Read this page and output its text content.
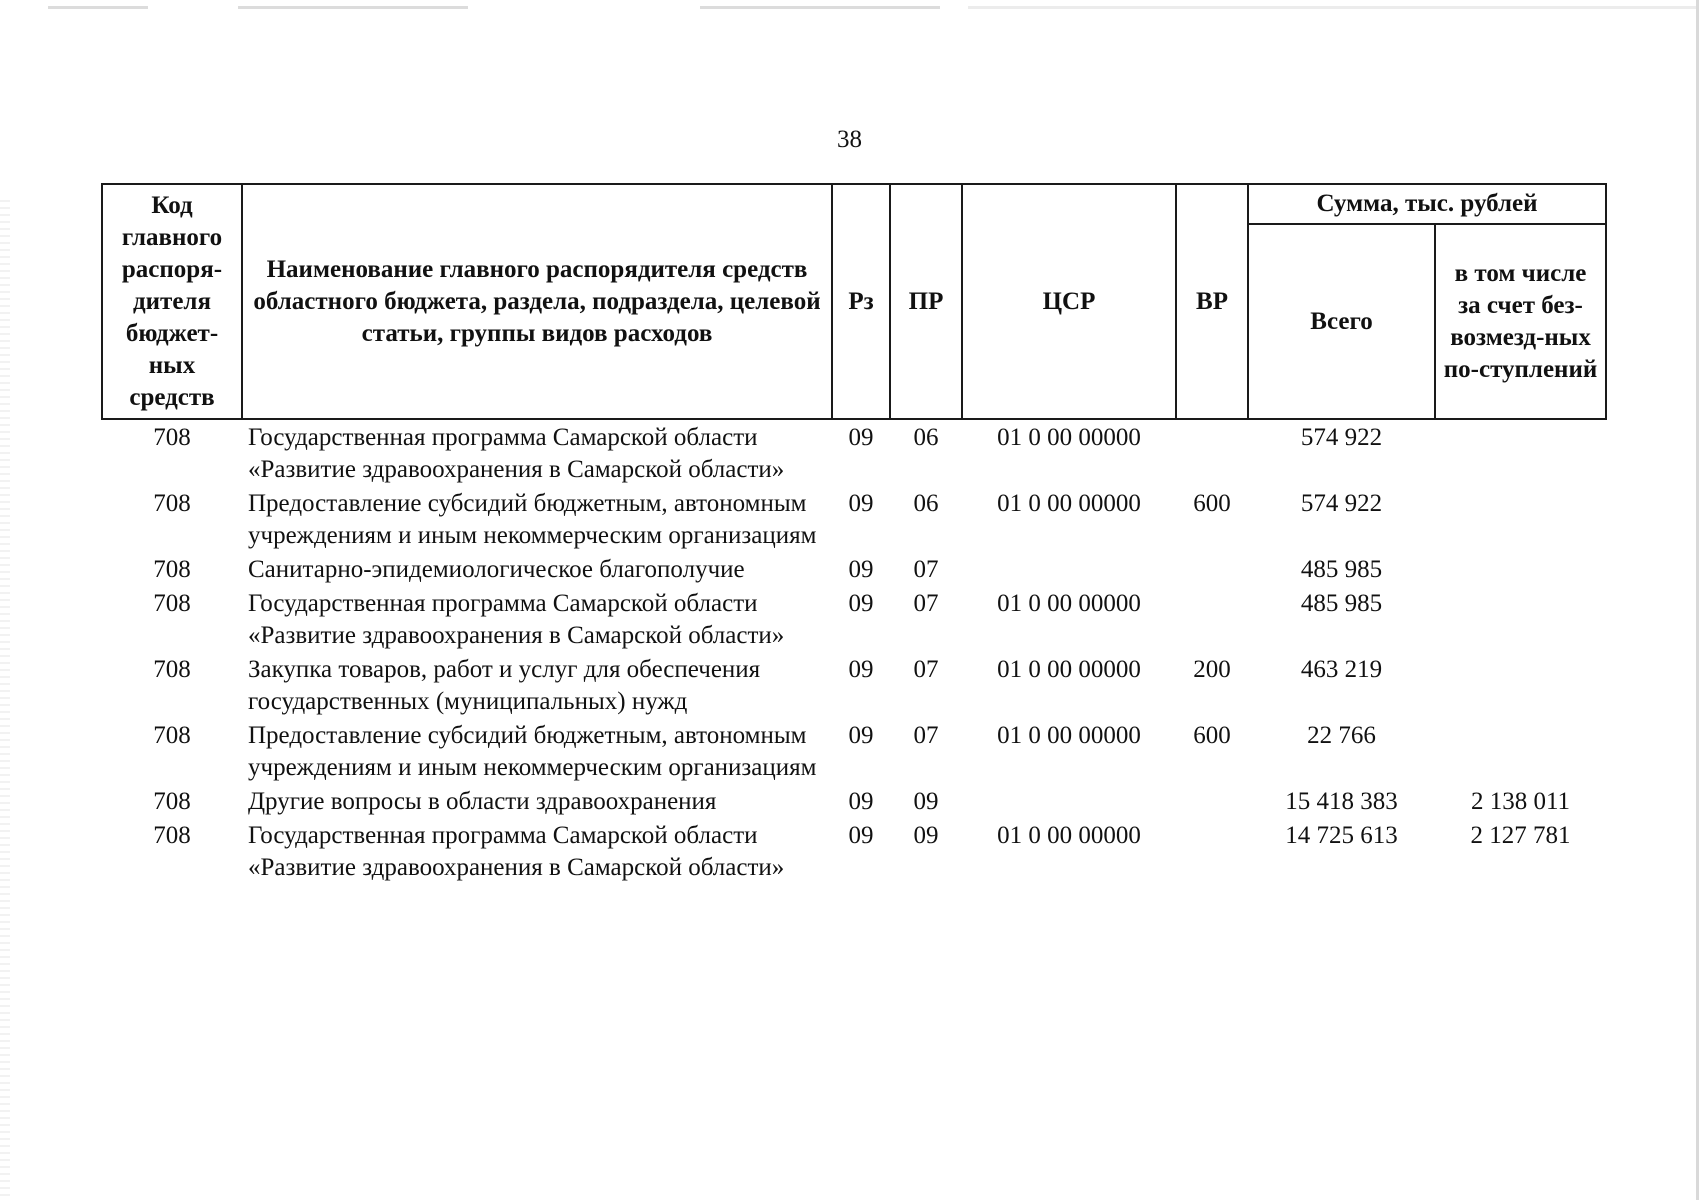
38
Код главного распоря-дителя бюджет-ных средств	Наименование главного распорядителя средств областного бюджета, раздела, подраздела, целевой статьи, группы видов расходов	Рз	ПР	ЦСР	ВР	Сумма, тыс. рублей	
						Всего	в том числе за счет без-возмезд-ных по-ступлений
708	Государственная программа Самарской области «Развитие здравоохранения в Самарской области»	09	06	01 0 00 00000		574 922	
708	Предоставление субсидий бюджетным, автономным учреждениям и иным некоммерческим организациям	09	06	01 0 00 00000	600	574 922	
708	Санитарно-эпидемиологическое благополучие	09	07			485 985	
708	Государственная программа Самарской области «Развитие здравоохранения в Самарской области»	09	07	01 0 00 00000		485 985	
708	Закупка товаров, работ и услуг для обеспечения государственных (муниципальных) нужд	09	07	01 0 00 00000	200	463 219	
708	Предоставление субсидий бюджетным, автономным учреждениям и иным некоммерческим организациям	09	07	01 0 00 00000	600	22 766	
708	Другие вопросы в области здравоохранения	09	09			15 418 383	2 138 011
708	Государственная программа Самарской области «Развитие здравоохранения в Самарской области»	09	09	01 0 00 00000		14 725 613	2 127 781
